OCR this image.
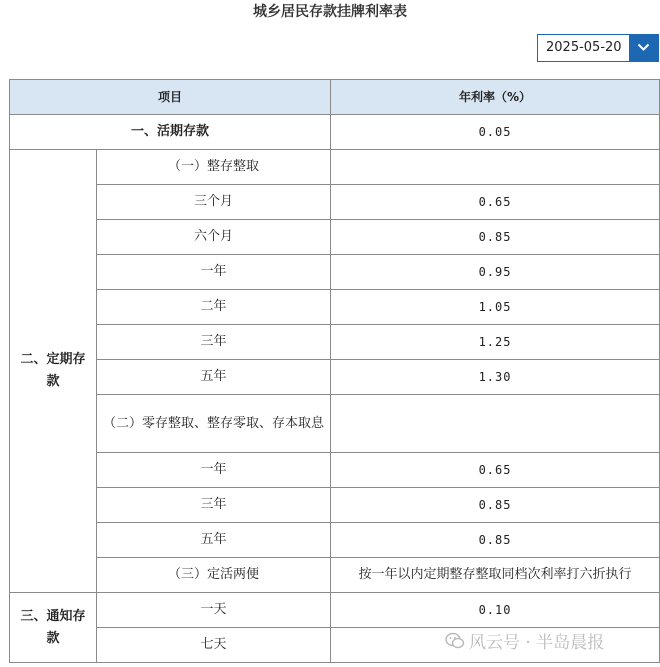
城乡居民存款挂牌利率表
2025-05-20
项目		年利率（%）
一、活期存款		0.05
二、定期存款	（一）整存整取	
	三个月	0.65
	六个月	0.85
	一年	0.95
	二年	1.05
	三年	1.25
	五年	1.30
	（二）零存整取、整存零取、存本取息	
	一年	0.65
	三年	0.85
	五年	0.85
	（三）定活两便	按一年以内定期整存整取同档次利率打六折执行
三、通知存款	一天	0.10
	七天		风云号 · 半岛晨报
